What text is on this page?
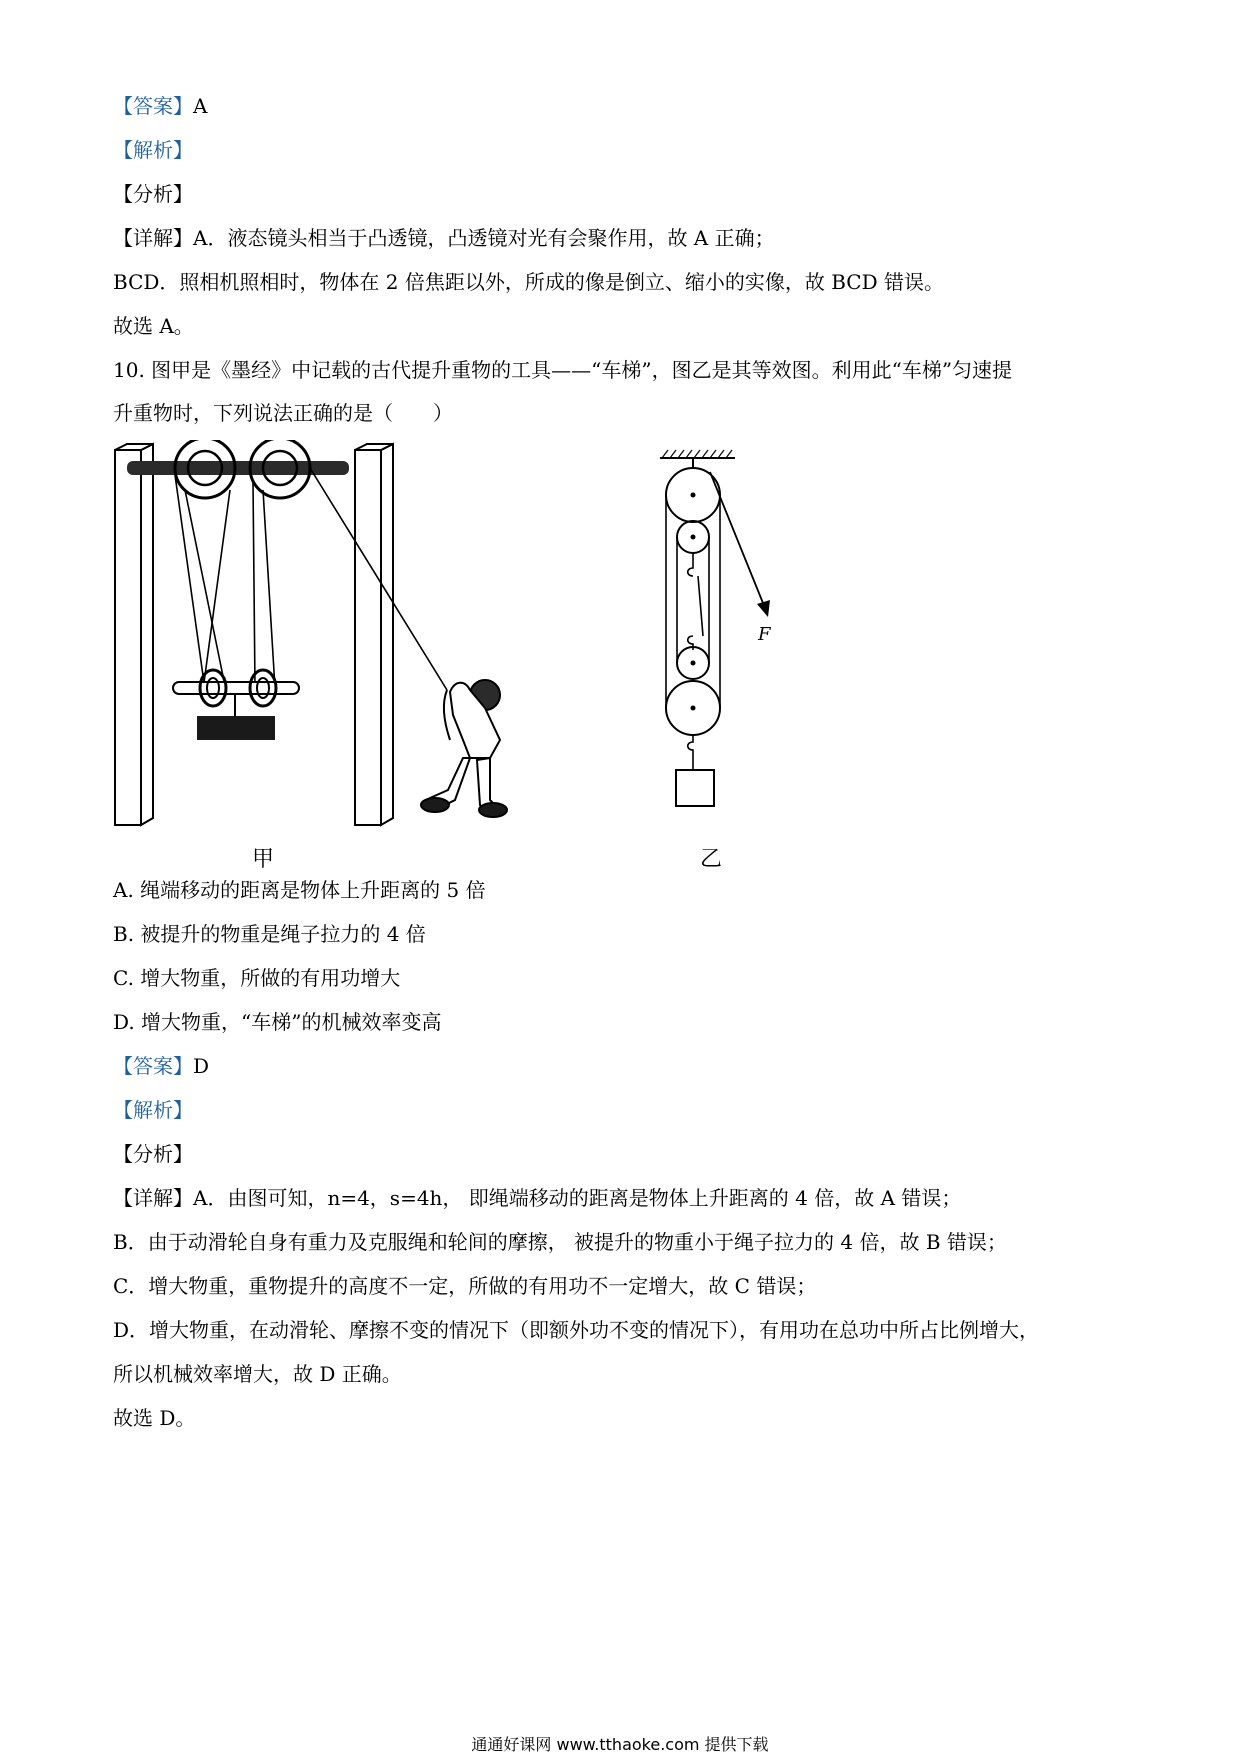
【答案】A
【解析】
【分析】
【详解】A．液态镜头相当于凸透镜，凸透镜对光有会聚作用，故 A 正确；
BCD．照相机照相时，物体在 2 倍焦距以外，所成的像是倒立、缩小的实像，故 BCD 错误。
故选 A。
10. 图甲是《墨经》中记载的古代提升重物的工具——“车梯”，图乙是其等效图。利用此“车梯”匀速提
升重物时，下列说法正确的是（　　）
甲
F
乙
A. 绳端移动的距离是物体上升距离的 5 倍
B. 被提升的物重是绳子拉力的 4 倍
C. 增大物重，所做的有用功增大
D. 增大物重，“车梯”的机械效率变高
【答案】D
【解析】
【分析】
【详解】A．由图可知，n=4，s=4h， 即绳端移动的距离是物体上升距离的 4 倍，故 A 错误；
B．由于动滑轮自身有重力及克服绳和轮间的摩擦， 被提升的物重小于绳子拉力的 4 倍，故 B 错误；
C．增大物重，重物提升的高度不一定，所做的有用功不一定增大，故 C 错误；
D．增大物重，在动滑轮、摩擦不变的情况下（即额外功不变的情况下），有用功在总功中所占比例增大，
所以机械效率增大，故 D 正确。
故选 D。
通通好课网 www.tthaoke.com 提供下载
